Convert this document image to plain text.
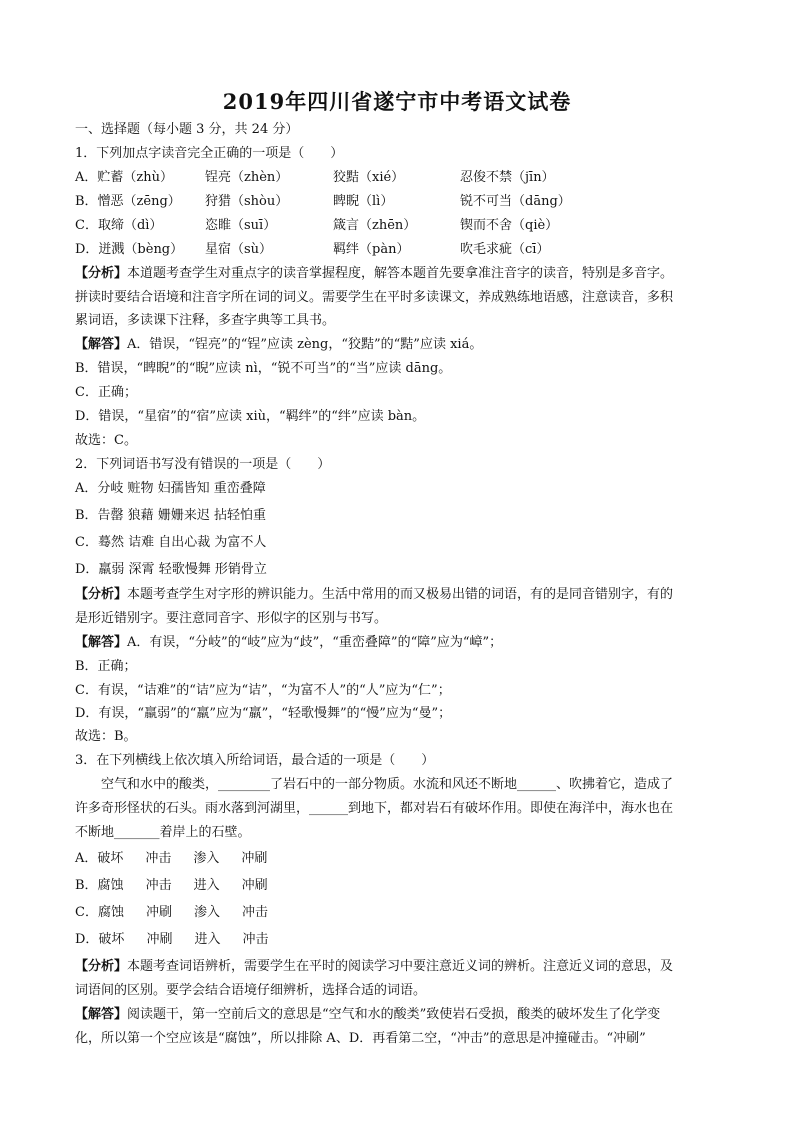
2019年四川省遂宁市中考语文试卷
一、选择题（每小题 3 分，共 24 分）
1．下列加点字读音完全正确的一项是（　　）
A．贮蓄（zhù） 锃亮（zhèn）	狡黠（xié）	忍俊不禁（jīn）
B．憎恶（zēng） 狩猎（shòu）	睥睨（lì）	锐不可当（dāng）
C．取缔（dì）	恣睢（suī）	箴言（zhēn）	锲而不舍（qiè）
D．迸溅（bèng） 星宿（sù）	羁绊（pàn）	吹毛求疵（cī）
【分析】本道题考查学生对重点字的读音掌握程度，解答本题首先要拿准注音字的读音，特别是多音字。
拼读时要结合语境和注音字所在词的词义。需要学生在平时多读课文，养成熟练地语感，注意读音，多积
累词语，多读课下注释，多查字典等工具书。
【解答】A．错误，“锃亮”的“锃”应读 zèng，“狡黠”的“黠”应读 xiá。
B．错误，“睥睨”的“睨”应读 nì，“锐不可当”的“当”应读 dāng。
C．正确；
D．错误，“星宿”的“宿”应读 xiù，“羁绊”的“绊”应读 bàn。
故选：C。
2．下列词语书写没有错误的一项是（　　）
A．分岐 赃物 妇孺皆知 重峦叠障
B．告罄 狼藉 姗姗来迟 拈轻怕重
C．蓦然 诘难 自出心裁 为富不人
D．羸弱 深霄 轻歌慢舞 形销骨立
【分析】本题考查学生对字形的辨识能力。生活中常用的而又极易出错的词语，有的是同音错别字，有的
是形近错别字。要注意同音字、形似字的区别与书写。
【解答】A．有误，“分岐”的“岐”应为“歧”，“重峦叠障”的“障”应为“嶂”；
B．正确；
C．有误，“诘难”的“诘”应为“诘”，“为富不人”的“人”应为“仁”；
D．有误，“羸弱”的“羸”应为“羸”，“轻歌慢舞”的“慢”应为“曼”；
故选：B。
3．在下列横线上依次填入所给词语，最合适的一项是（　　）
空气和水中的酸类，________了岩石中的一部分物质。水流和风还不断地______、吹拂着它，造成了
许多奇形怪状的石头。雨水落到河湖里，______到地下，都对岩石有破坏作用。即使在海洋中，海水也在
不断地_______着岸上的石壁。
A．破坏 冲击 渗入 冲刷
B．腐蚀 冲击 进入 冲刷
C．腐蚀 冲刷 渗入 冲击
D．破坏 冲刷 进入 冲击
【分析】本题考查词语辨析，需要学生在平时的阅读学习中要注意近义词的辨析。注意近义词的意思，及
词语间的区别。要学会结合语境仔细辨析，选择合适的词语。
【解答】阅读题干，第一空前后文的意思是“空气和水的酸类”致使岩石受损，酸类的破坏发生了化学变
化，所以第一个空应该是“腐蚀”，所以排除 A、D．再看第二空，“冲击”的意思是冲撞碰击。“冲刷”
